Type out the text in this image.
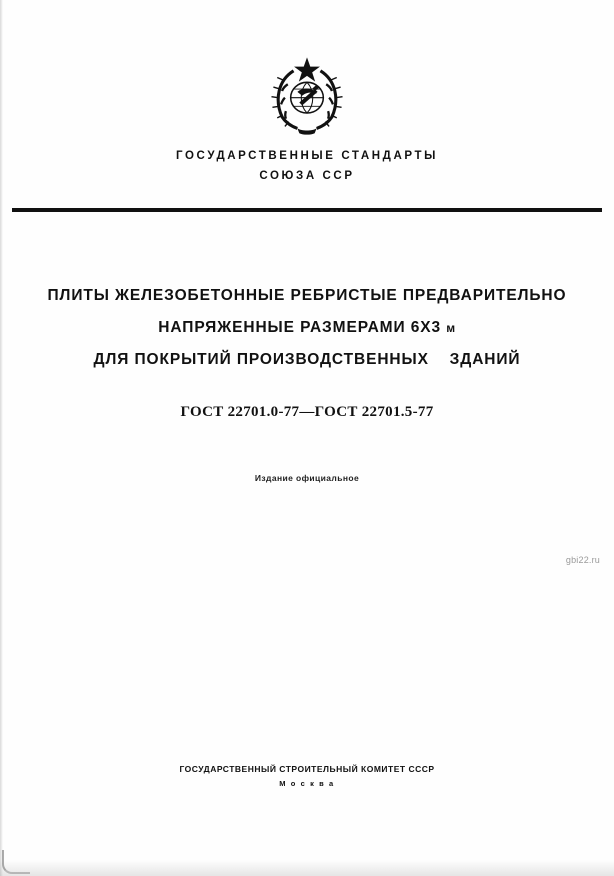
ГОСУДАРСТВЕННЫЕ СТАНДАРТЫ
СОЮЗА ССР
ПЛИТЫ ЖЕЛЕЗОБЕТОННЫЕ РЕБРИСТЫЕ ПРЕДВАРИТЕЛЬНО
НАПРЯЖЕННЫЕ РАЗМЕРАМИ 6Х3 м
ДЛЯ ПОКРЫТИЙ ПРОИЗВОДСТВЕННЫХ    ЗДАНИЙ
ГОСТ 22701.0-77—ГОСТ 22701.5-77
Издание официальное
gbi22.ru
ГОСУДАРСТВЕННЫЙ СТРОИТЕЛЬНЫЙ КОМИТЕТ СССР
М о с к в а
